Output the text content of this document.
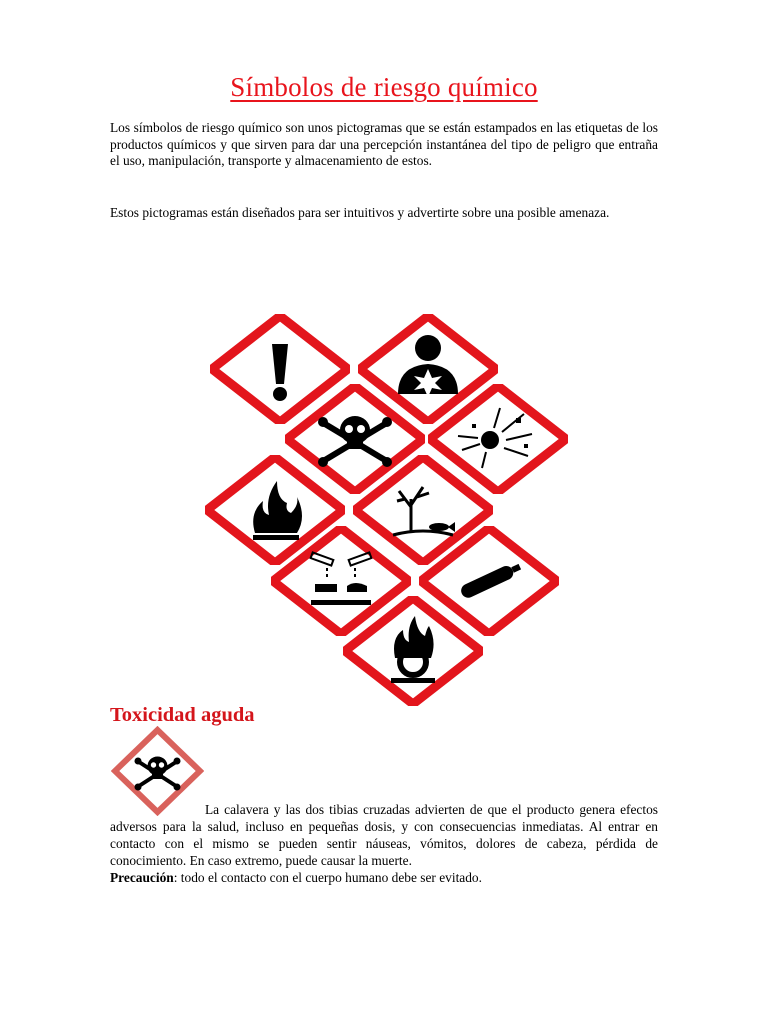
Símbolos de riesgo químico

Los símbolos de riesgo químico son unos pictogramas que se están estampados en las etiquetas de los productos químicos y que sirven para dar una percepción instantánea del tipo de peligro que entraña el uso, manipulación, transporte y almacenamiento de estos.

Estos pictogramas están diseñados para ser intuitivos y advertirte sobre una posible amenaza.

Toxicidad aguda

La calavera y las dos tibias cruzadas advierten de que el producto genera efectos adversos para la salud, incluso en pequeñas dosis, y con consecuencias inmediatas. Al entrar en contacto con el mismo se pueden sentir náuseas, vómitos, dolores de cabeza, pérdida de conocimiento. En caso extremo, puede causar la muerte.
Precaución: todo el contacto con el cuerpo humano debe ser evitado.
